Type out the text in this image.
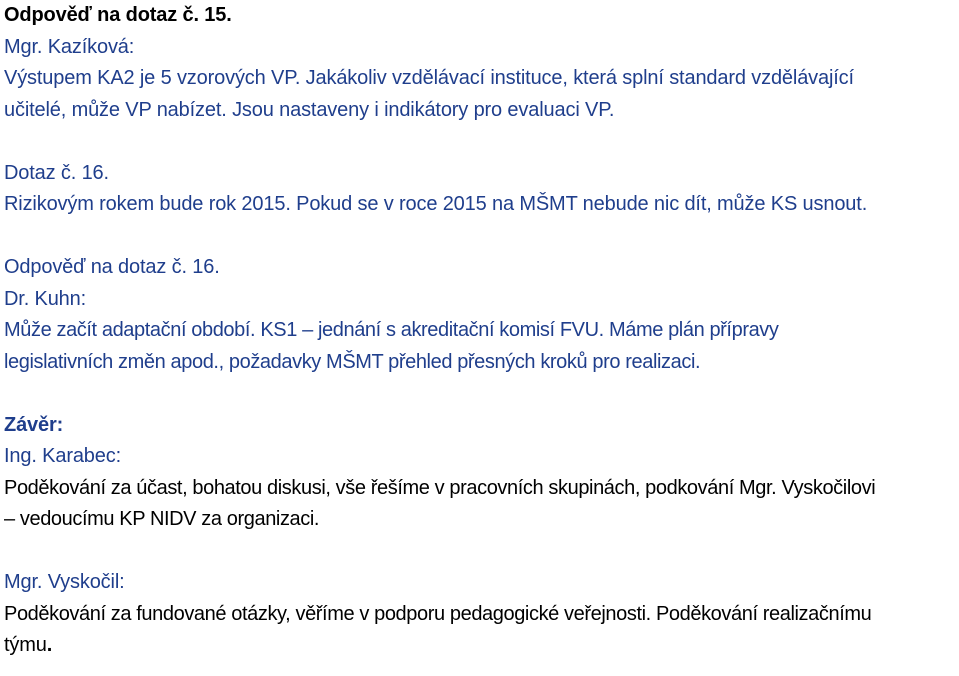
Odpověď na dotaz č. 15.
Mgr. Kazíková:
Výstupem KA2 je 5 vzorových VP. Jakákoliv vzdělávací instituce, která splní standard vzdělávající
učitelé, může VP nabízet. Jsou nastaveny i indikátory pro evaluaci VP.
Dotaz č. 16.
Rizikovým rokem bude rok 2015. Pokud se v roce 2015 na MŠMT nebude nic dít, může KS usnout.
Odpověď na dotaz č. 16.
Dr. Kuhn:
Může začít adaptační období. KS1 – jednání s akreditační komisí FVU. Máme plán přípravy
legislativních změn apod., požadavky MŠMT přehled přesných kroků pro realizaci.
Závěr:
Ing. Karabec:
Poděkování za účast, bohatou diskusi, vše řešíme v pracovních skupinách, podkování Mgr. Vyskočilovi
– vedoucímu KP NIDV za organizaci.
Mgr. Vyskočil:
Poděkování za fundované otázky, věříme v podporu pedagogické veřejnosti. Poděkování realizačnímu
týmu.
